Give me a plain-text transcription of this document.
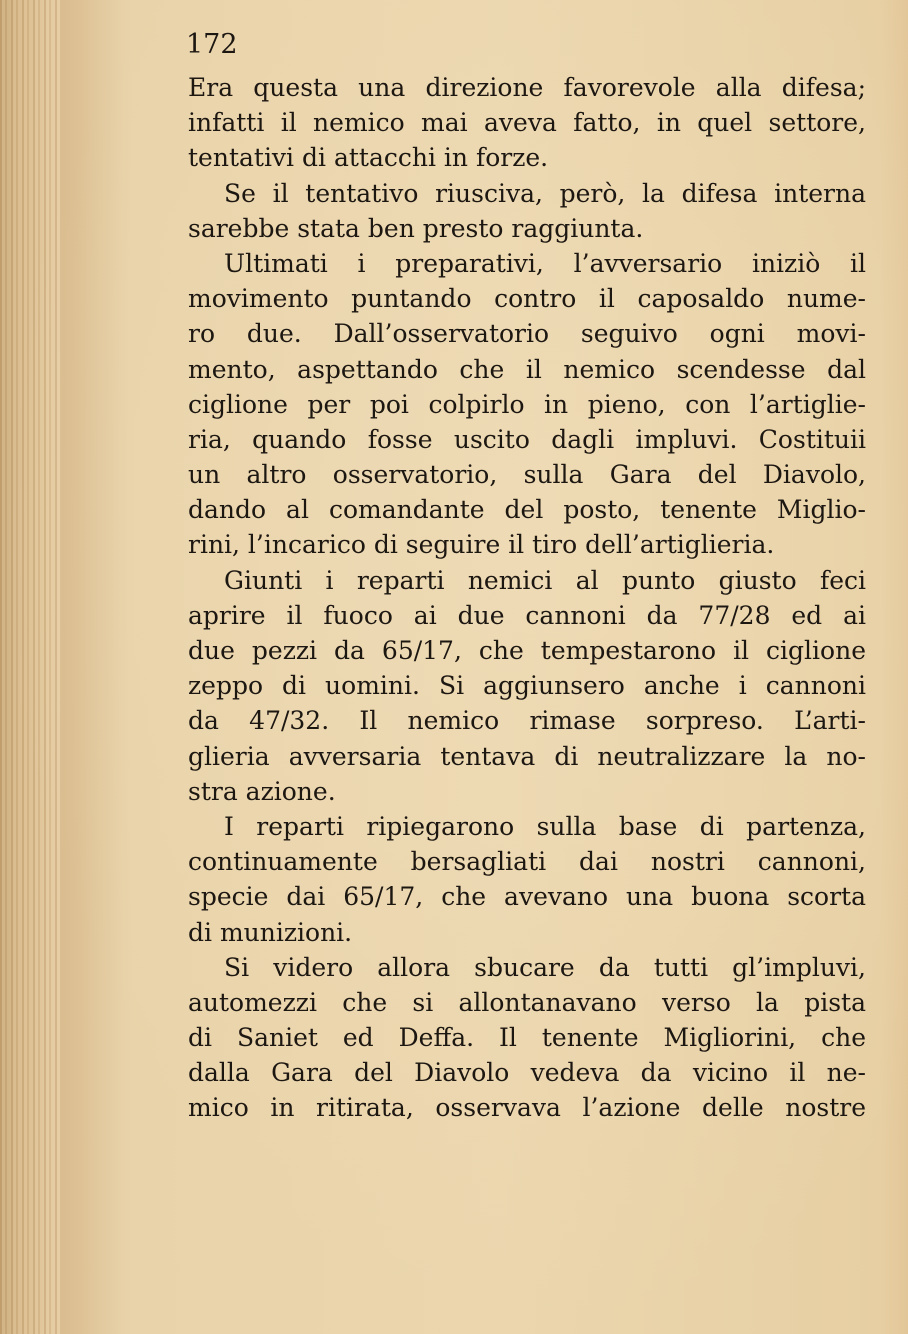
172
Era questa una direzione favorevole alla difesa;
infatti il nemico mai aveva fatto, in quel settore,
tentativi di attacchi in forze.
Se il tentativo riusciva, però, la difesa interna
sarebbe stata ben presto raggiunta.
Ultimati i preparativi, l’avversario iniziò il
movimento puntando contro il caposaldo nume-
ro due. Dall’osservatorio seguivo ogni movi-
mento, aspettando che il nemico scendesse dal
ciglione per poi colpirlo in pieno, con l’artiglie-
ria, quando fosse uscito dagli impluvi. Costituii
un altro osservatorio, sulla Gara del Diavolo,
dando al comandante del posto, tenente Miglio-
rini, l’incarico di seguire il tiro dell’artiglieria.
Giunti i reparti nemici al punto giusto feci
aprire il fuoco ai due cannoni da 77/28 ed ai
due pezzi da 65/17, che tempestarono il ciglione
zeppo di uomini. Si aggiunsero anche i cannoni
da 47/32. Il nemico rimase sorpreso. L’arti-
glieria avversaria tentava di neutralizzare la no-
stra azione.
I reparti ripiegarono sulla base di partenza,
continuamente bersagliati dai nostri cannoni,
specie dai 65/17, che avevano una buona scorta
di munizioni.
Si videro allora sbucare da tutti gl’impluvi,
automezzi che si allontanavano verso la pista
di Saniet ed Deffa. Il tenente Migliorini, che
dalla Gara del Diavolo vedeva da vicino il ne-
mico in ritirata, osservava l’azione delle nostre
